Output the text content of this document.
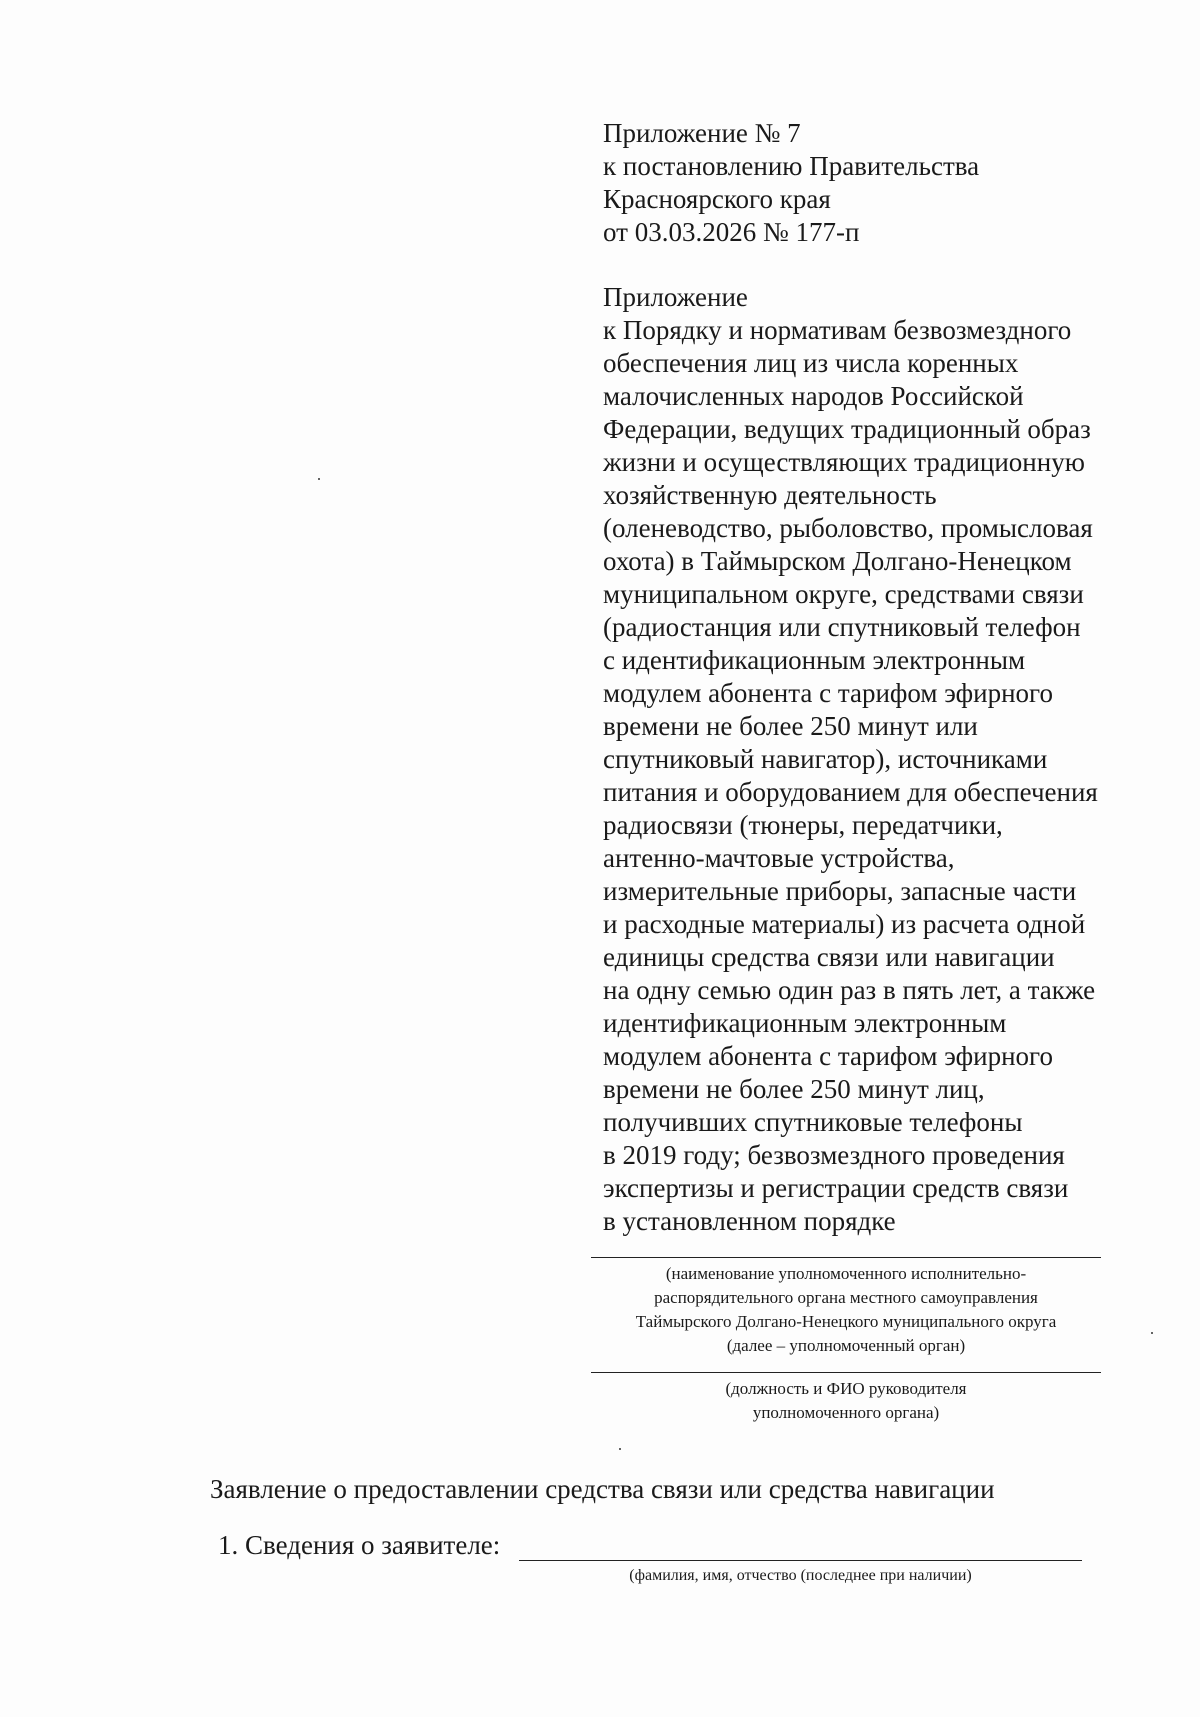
Приложение № 7
к постановлению Правительства
Красноярского края
от 03.03.2026 № 177-п
Приложение
к Порядку и нормативам безвозмездного
обеспечения лиц из числа коренных
малочисленных народов Российской
Федерации, ведущих традиционный образ
жизни и осуществляющих традиционную
хозяйственную деятельность
(оленеводство, рыболовство, промысловая
охота) в Таймырском Долгано-Ненецком
муниципальном округе, средствами связи
(радиостанция или спутниковый телефон
с идентификационным электронным
модулем абонента с тарифом эфирного
времени не более 250 минут или
спутниковый навигатор), источниками
питания и оборудованием для обеспечения
радиосвязи (тюнеры, передатчики,
антенно-мачтовые устройства,
измерительные приборы, запасные части
и расходные материалы) из расчета одной
единицы средства связи или навигации
на одну семью один раз в пять лет, а также
идентификационным электронным
модулем абонента с тарифом эфирного
времени не более 250 минут лиц,
получивших спутниковые телефоны
в 2019 году; безвозмездного проведения
экспертизы и регистрации средств связи
в установленном порядке
(наименование уполномоченного исполнительно-
распорядительного органа местного самоуправления
Таймырского Долгано-Ненецкого муниципального округа
(далее – уполномоченный орган)
(должность и ФИО руководителя
уполномоченного органа)
Заявление о предоставлении средства связи или средства навигации
1. Сведения о заявителе:
(фамилия, имя, отчество (последнее при наличии)
